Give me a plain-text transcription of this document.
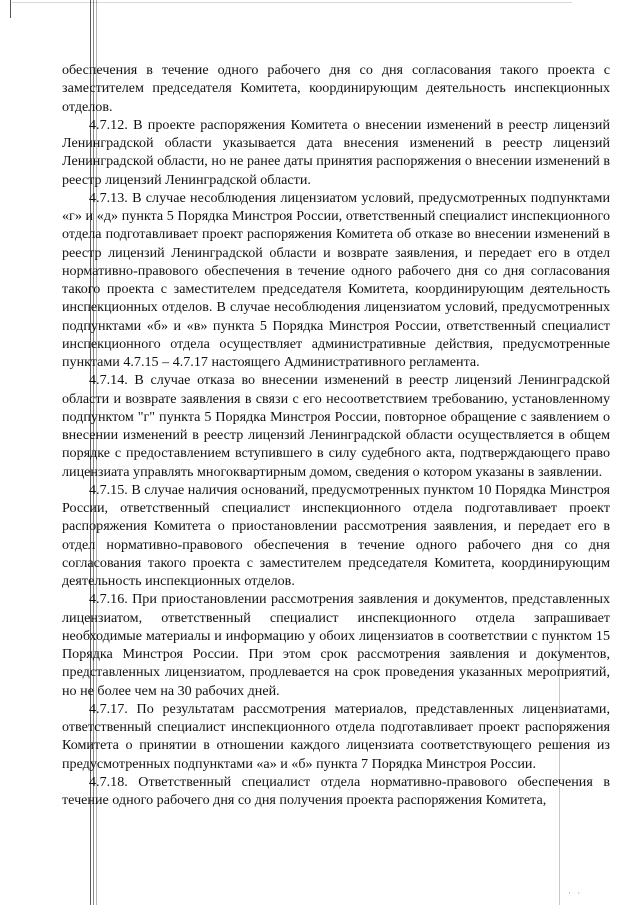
· ·

обеспечения в течение одного рабочего дня со дня согласования такого проекта с заместителем председателя Комитета, координирующим деятельность инспекционных отделов.

4.7.12. В проекте распоряжения Комитета о внесении изменений в реестр лицензий Ленинградской области указывается дата внесения изменений в реестр лицензий Ленинградской области, но не ранее даты принятия распоряжения о внесении изменений в реестр лицензий Ленинградской области.

4.7.13. В случае несоблюдения лицензиатом условий, предусмотренных подпунктами «г» и «д» пункта 5 Порядка Минстроя России, ответственный специалист инспекционного отдела подготавливает проект распоряжения Комитета об отказе во внесении изменений в реестр лицензий Ленинградской области и возврате заявления, и передает его в отдел нормативно-правового обеспечения в течение одного рабочего дня со дня согласования такого проекта с заместителем председателя Комитета, координирующим деятельность инспекционных отделов. В случае несоблюдения лицензиатом условий, предусмотренных подпунктами «б» и «в» пункта 5 Порядка Минстроя России, ответственный специалист инспекционного отдела осуществляет административные действия, предусмотренные пунктами 4.7.15 – 4.7.17 настоящего Административного регламента.

4.7.14. В случае отказа во внесении изменений в реестр лицензий Ленинградской области и возврате заявления в связи с его несоответствием требованию, установленному подпунктом "г" пункта 5 Порядка Минстроя России, повторное обращение с заявлением о внесении изменений в реестр лицензий Ленинградской области осуществляется в общем порядке с предоставлением вступившего в силу судебного акта, подтверждающего право лицензиата управлять многоквартирным домом, сведения о котором указаны в заявлении.

4.7.15. В случае наличия оснований, предусмотренных пунктом 10 Порядка Минстроя России, ответственный специалист инспекционного отдела подготавливает проект распоряжения Комитета о приостановлении рассмотрения заявления, и передает его в отдел нормативно-правового обеспечения в течение одного рабочего дня со дня согласования такого проекта с заместителем председателя Комитета, координирующим деятельность инспекционных отделов.

4.7.16. При приостановлении рассмотрения заявления и документов, представленных лицензиатом, ответственный специалист инспекционного отдела запрашивает необходимые материалы и информацию у обоих лицензиатов в соответствии с пунктом 15 Порядка Минстроя России. При этом срок рассмотрения заявления и документов, представленных лицензиатом, продлевается на срок проведения указанных мероприятий, но не более чем на 30 рабочих дней.

4.7.17. По результатам рассмотрения материалов, представленных лицензиатами, ответственный специалист инспекционного отдела подготавливает проект распоряжения Комитета о принятии в отношении каждого лицензиата соответствующего решения из предусмотренных подпунктами «а» и «б» пункта 7 Порядка Минстроя России.

4.7.18. Ответственный специалист отдела нормативно-правового обеспечения в течение одного рабочего дня со дня получения проекта распоряжения Комитета,
